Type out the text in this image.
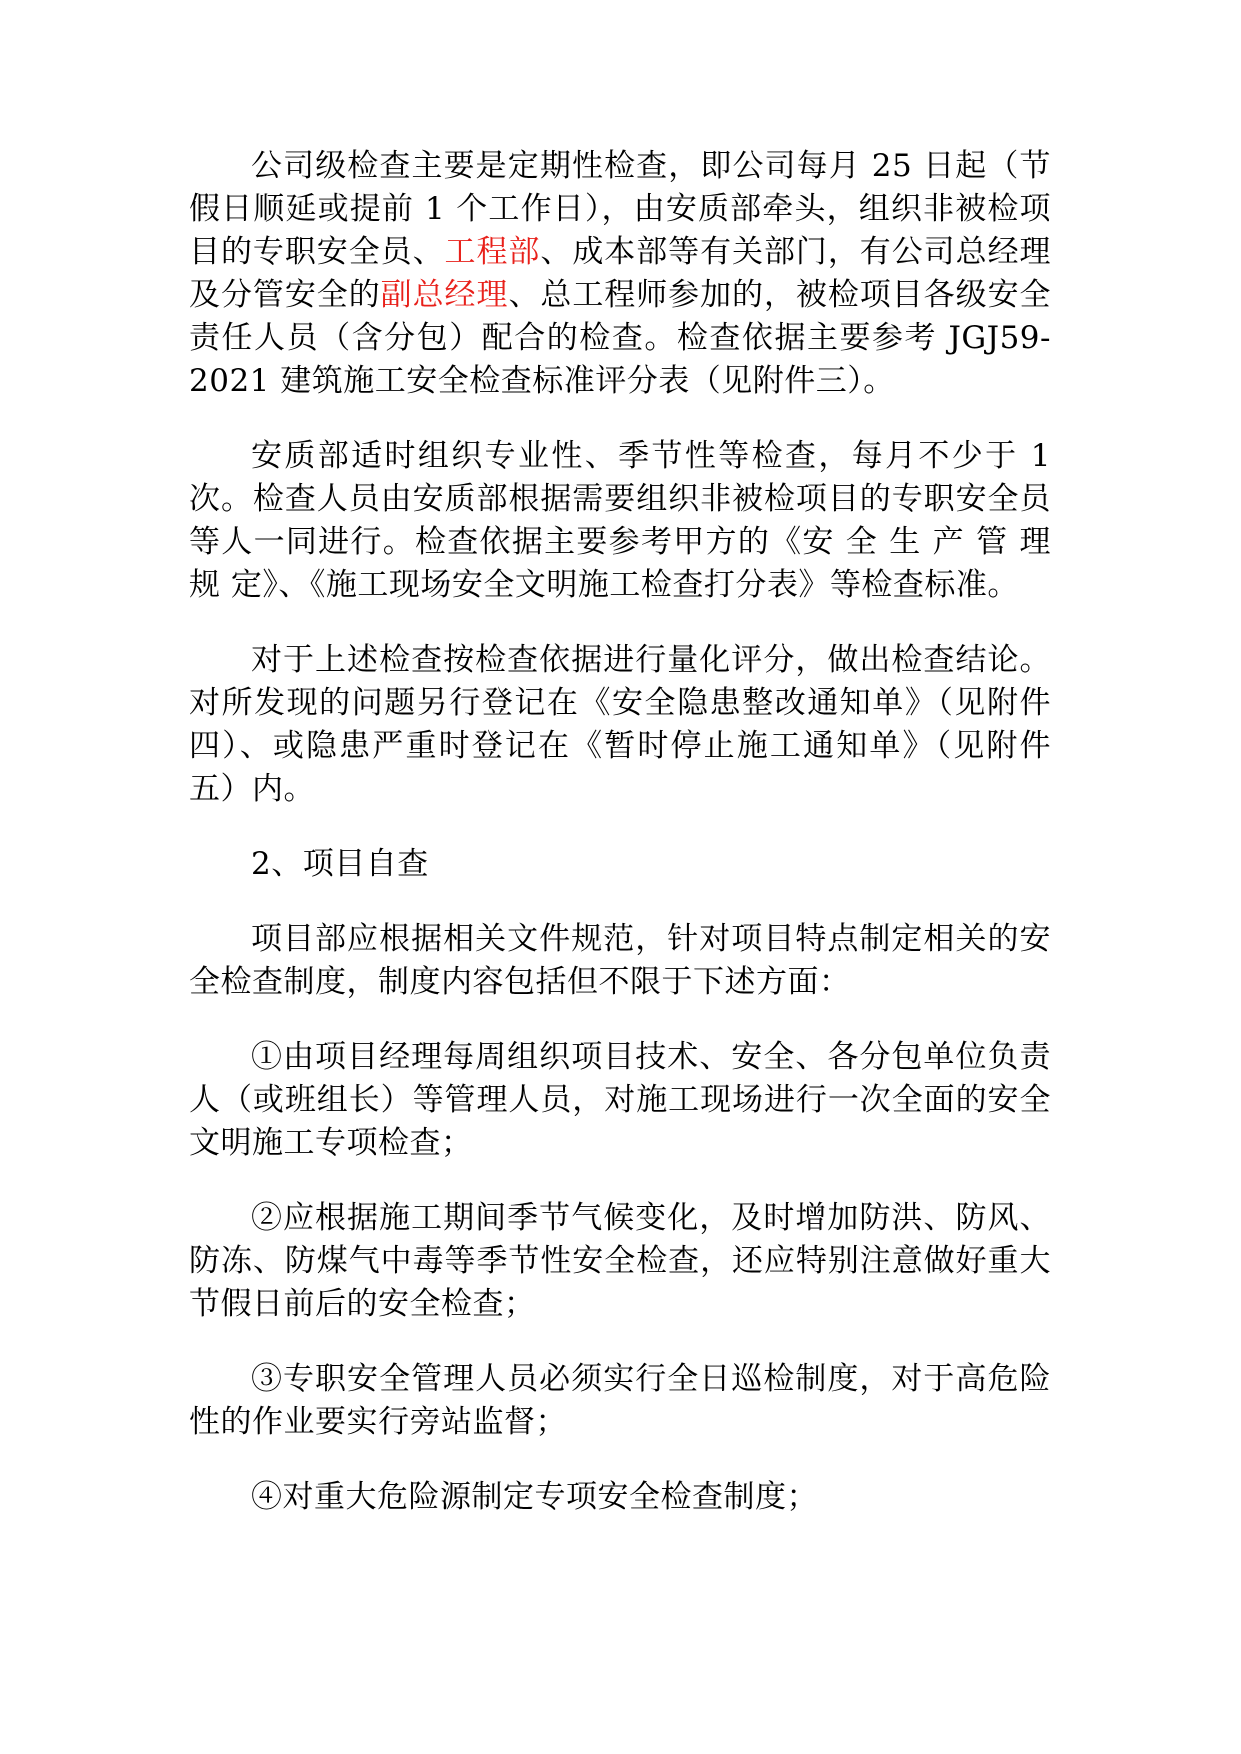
公司级检查主要是定期性检查，即公司每月 25 日起（节假日顺延或提前 1 个工作日），由安质部牵头，组织非被检项目的专职安全员、工程部、成本部等有关部门，有公司总经理及分管安全的副总经理、总工程师参加的，被检项目各级安全责任人员（含分包）配合的检查。检查依据主要参考 JGJ59-2021 建筑施工安全检查标准评分表（见附件三）。

安质部适时组织专业性、季节性等检查，每月不少于 1 次。检查人员由安质部根据需要组织非被检项目的专职安全员等人一同进行。检查依据主要参考甲方的《安 全 生 产 管 理 规 定》、《施工现场安全文明施工检查打分表》等检查标准。

对于上述检查按检查依据进行量化评分，做出检查结论。对所发现的问题另行登记在《安全隐患整改通知单》（见附件四）、或隐患严重时登记在《暂时停止施工通知单》（见附件五）内。

2、项目自查

项目部应根据相关文件规范，针对项目特点制定相关的安全检查制度，制度内容包括但不限于下述方面：

①由项目经理每周组织项目技术、安全、各分包单位负责人（或班组长）等管理人员，对施工现场进行一次全面的安全文明施工专项检查；

②应根据施工期间季节气候变化，及时增加防洪、防风、防冻、防煤气中毒等季节性安全检查，还应特别注意做好重大节假日前后的安全检查；

③专职安全管理人员必须实行全日巡检制度，对于高危险性的作业要实行旁站监督；

④对重大危险源制定专项安全检查制度；
